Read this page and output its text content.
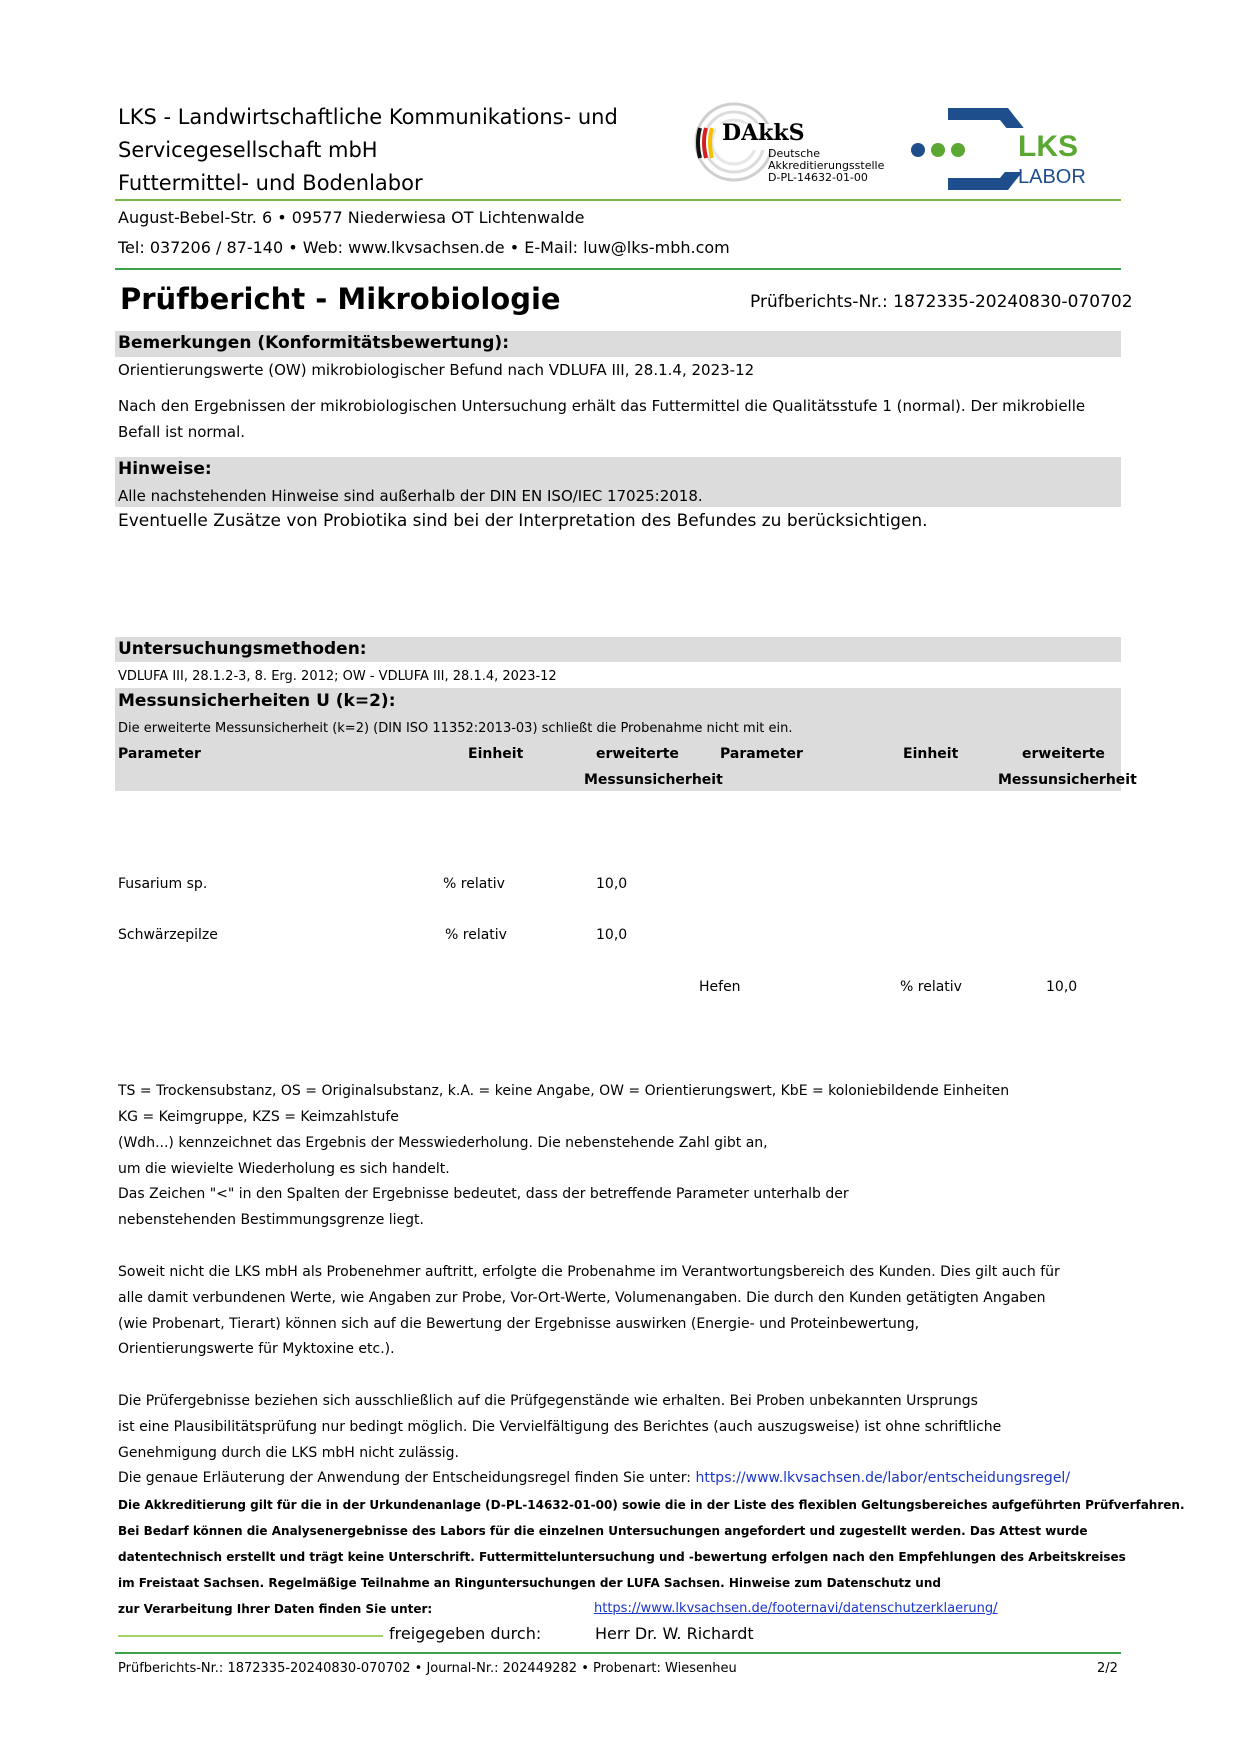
LKS - Landwirtschaftliche Kommunikations- und
Servicegesellschaft mbH
Futtermittel- und Bodenlabor
DAkkS
Deutsche
Akkreditierungsstelle
D-PL-14632-01-00
LKS
LABOR
August-Bebel-Str. 6 • 09577 Niederwiesa OT Lichtenwalde
Tel: 037206 / 87-140 • Web: www.lkvsachsen.de • E-Mail: luw@lks-mbh.com
Prüfbericht - Mikrobiologie	Prüfberichts-Nr.: 1872335-20240830-070702
Bemerkungen (Konformitätsbewertung):
Orientierungswerte (OW) mikrobiologischer Befund nach VDLUFA III, 28.1.4, 2023-12
Nach den Ergebnissen der mikrobiologischen Untersuchung erhält das Futtermittel die Qualitätsstufe 1 (normal). Der mikrobielle
Befall ist normal.
Hinweise:
Alle nachstehenden Hinweise sind außerhalb der DIN EN ISO/IEC 17025:2018.
Eventuelle Zusätze von Probiotika sind bei der Interpretation des Befundes zu berücksichtigen.
Untersuchungsmethoden:
VDLUFA III, 28.1.2-3, 8. Erg. 2012; OW - VDLUFA III, 28.1.4, 2023-12
Messunsicherheiten U (k=2):
Die erweiterte Messunsicherheit (k=2) (DIN ISO 11352:2013-03) schließt die Probenahme nicht mit ein.
Parameter	Einheit	erweiterte
Messunsicherheit
Parameter	Einheit	erweiterte
Messunsicherheit
Fusarium sp.	% relativ	10,0
Schwärzepilze	% relativ	10,0
Hefen	% relativ	10,0
TS = Trockensubstanz, OS = Originalsubstanz, k.A. = keine Angabe, OW = Orientierungswert, KbE = koloniebildende Einheiten
KG = Keimgruppe, KZS = Keimzahlstufe
(Wdh...) kennzeichnet das Ergebnis der Messwiederholung. Die nebenstehende Zahl gibt an,
um die wievielte Wiederholung es sich handelt.
Das Zeichen "<" in den Spalten der Ergebnisse bedeutet, dass der betreffende Parameter unterhalb der
nebenstehenden Bestimmungsgrenze liegt.
Soweit nicht die LKS mbH als Probenehmer auftritt, erfolgte die Probenahme im Verantwortungsbereich des Kunden. Dies gilt auch für
alle damit verbundenen Werte, wie Angaben zur Probe, Vor-Ort-Werte, Volumenangaben. Die durch den Kunden getätigten Angaben
(wie Probenart, Tierart) können sich auf die Bewertung der Ergebnisse auswirken (Energie- und Proteinbewertung,
Orientierungswerte für Myktoxine etc.).
Die Prüfergebnisse beziehen sich ausschließlich auf die Prüfgegenstände wie erhalten. Bei Proben unbekannten Ursprungs
ist eine Plausibilitätsprüfung nur bedingt möglich. Die Vervielfältigung des Berichtes (auch auszugsweise) ist ohne schriftliche
Genehmigung durch die LKS mbH nicht zulässig.
Die genaue Erläuterung der Anwendung der Entscheidungsregel finden Sie unter: https://www.lkvsachsen.de/labor/entscheidungsregel/
Die Akkreditierung gilt für die in der Urkundenanlage (D-PL-14632-01-00) sowie die in der Liste des flexiblen Geltungsbereiches aufgeführten Prüfverfahren.
Bei Bedarf können die Analysenergebnisse des Labors für die einzelnen Untersuchungen angefordert und zugestellt werden. Das Attest wurde
datentechnisch erstellt und trägt keine Unterschrift. Futtermitteluntersuchung und -bewertung erfolgen nach den Empfehlungen des Arbeitskreises
im Freistaat Sachsen. Regelmäßige Teilnahme an Ringuntersuchungen der LUFA Sachsen. Hinweise zum Datenschutz und
zur Verarbeitung Ihrer Daten finden Sie unter:	https://www.lkvsachsen.de/footernavi/datenschutzerklaerung/
freigegeben durch:	Herr Dr. W. Richardt
Prüfberichts-Nr.: 1872335-20240830-070702 • Journal-Nr.: 202449282 • Probenart: Wiesenheu	2/2
